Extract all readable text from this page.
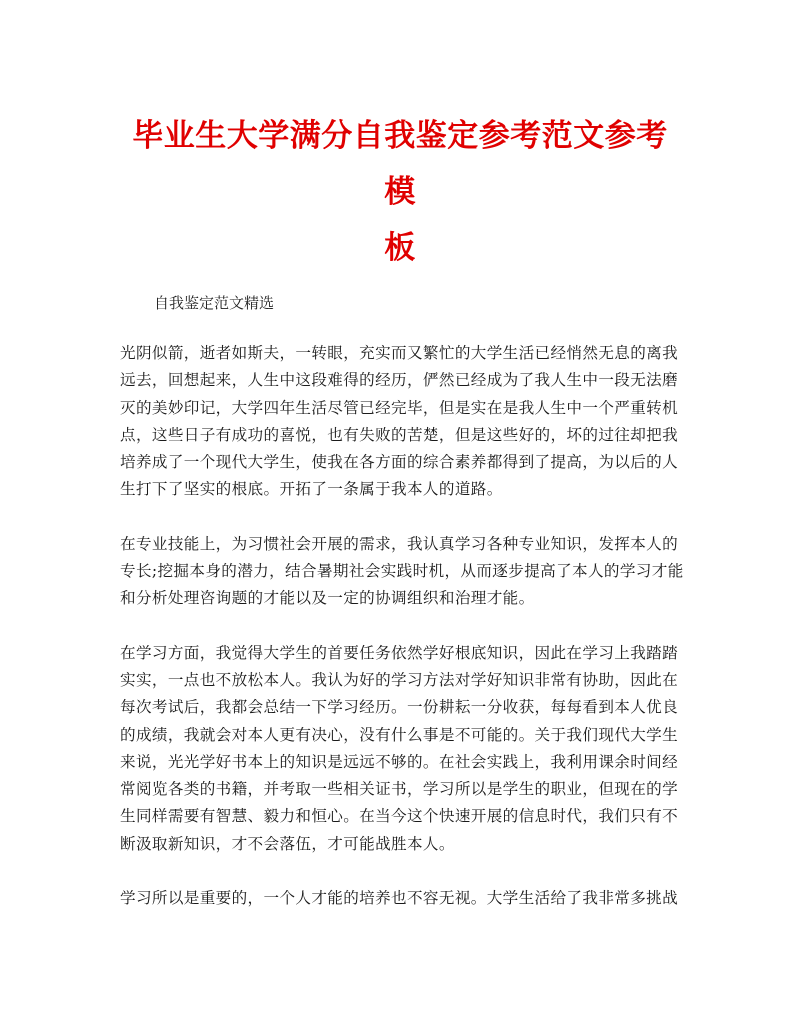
毕业生大学满分自我鉴定参考范文参考模
板
自我鉴定范文精选

光阴似箭，逝者如斯夫，一转眼，充实而又繁忙的大学生活已经悄然无息的离我
远去，回想起来，人生中这段难得的经历，俨然已经成为了我人生中一段无法磨
灭的美妙印记，大学四年生活尽管已经完毕，但是实在是我人生中一个严重转机
点，这些日子有成功的喜悦，也有失败的苦楚，但是这些好的，坏的过往却把我
培养成了一个现代大学生，使我在各方面的综合素养都得到了提高，为以后的人
生打下了坚实的根底。开拓了一条属于我本人的道路。

在专业技能上，为习惯社会开展的需求，我认真学习各种专业知识，发挥本人的
专长;挖掘本身的潜力，结合暑期社会实践时机，从而逐步提高了本人的学习才能
和分析处理咨询题的才能以及一定的协调组织和治理才能。

在学习方面，我觉得大学生的首要任务依然学好根底知识，因此在学习上我踏踏
实实，一点也不放松本人。我认为好的学习方法对学好知识非常有协助，因此在
每次考试后，我都会总结一下学习经历。一份耕耘一分收获，每每看到本人优良
的成绩，我就会对本人更有决心，没有什么事是不可能的。关于我们现代大学生
来说，光光学好书本上的知识是远远不够的。在社会实践上，我利用课余时间经
常阅览各类的书籍，并考取一些相关证书，学习所以是学生的职业，但现在的学
生同样需要有智慧、毅力和恒心。在当今这个快速开展的信息时代，我们只有不
断汲取新知识，才不会落伍，才可能战胜本人。

学习所以是重要的，一个人才能的培养也不容无视。大学生活给了我非常多挑战
